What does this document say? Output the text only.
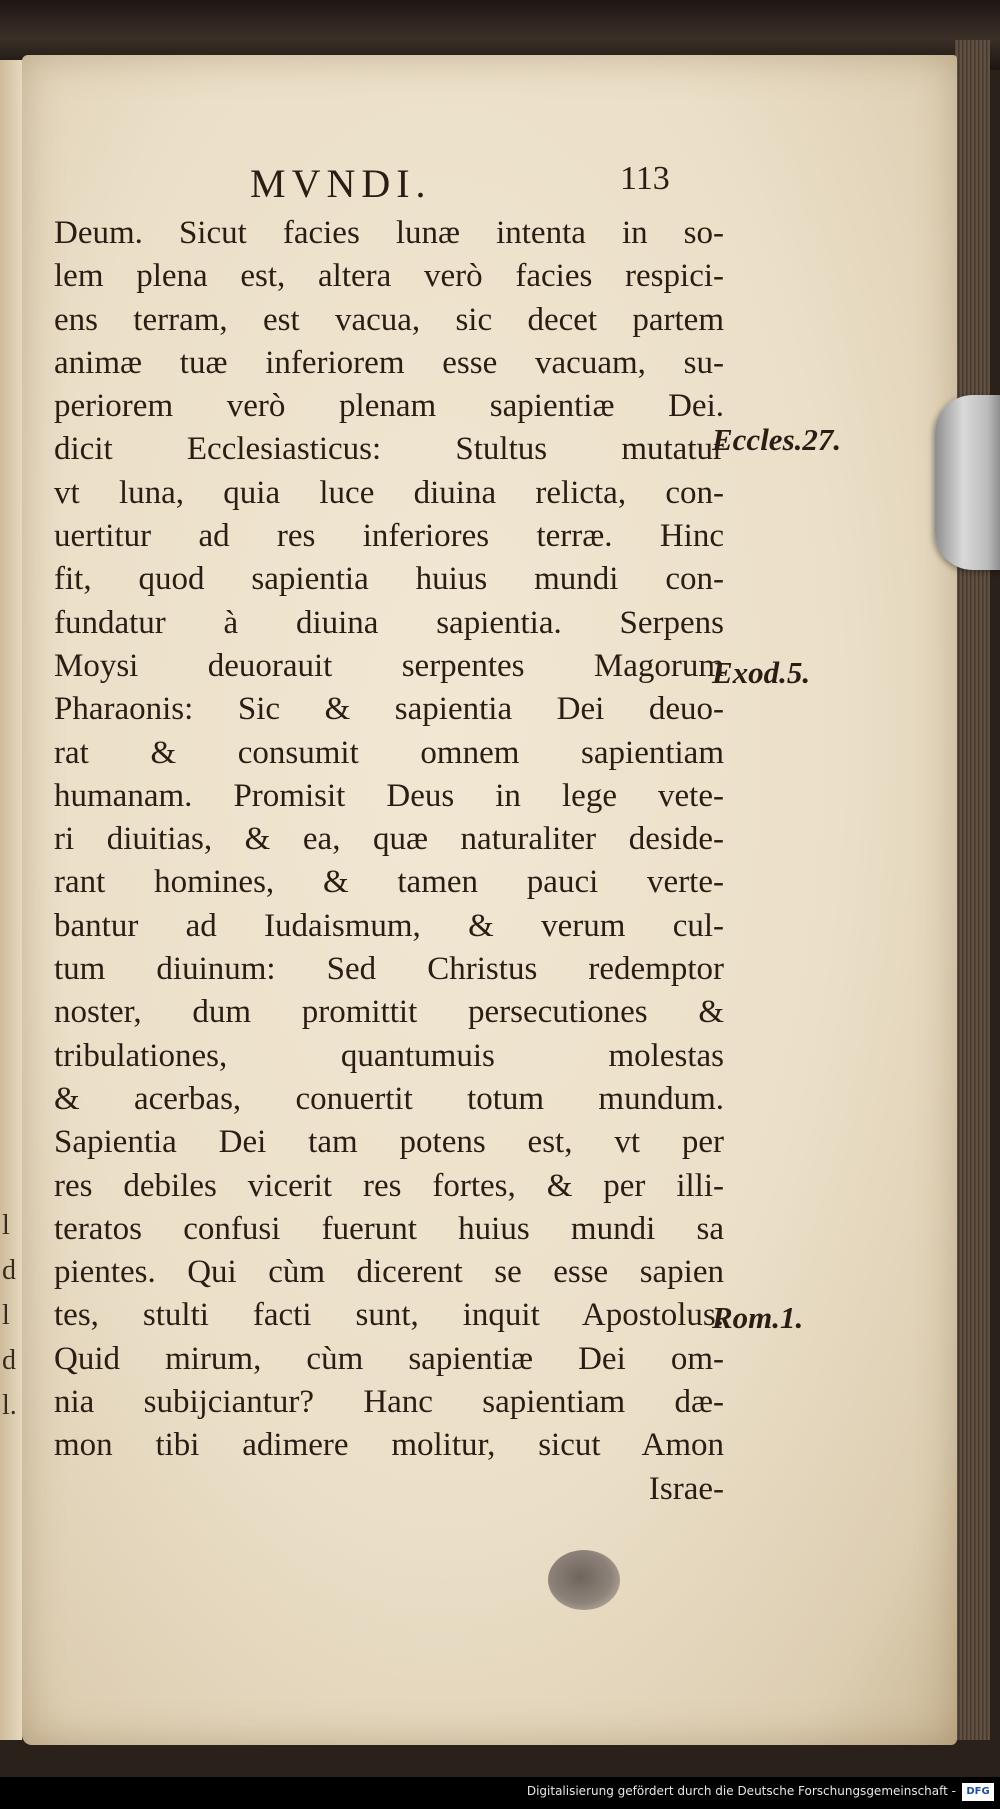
l
d
l
d
l.
MVNDI.	113
Deum. Sicut facies lunæ intenta in so-
lem plena est, altera verò facies respici-
ens terram, est vacua, sic decet partem
animæ tuæ inferiorem esse vacuam, su-
periorem verò plenam sapientiæ Dei.
dicit Ecclesiasticus: Stultus mutatur
vt luna, quia luce diuina relicta, con-
uertitur ad res inferiores terræ. Hinc
fit, quod sapientia huius mundi con-
fundatur à diuina sapientia. Serpens
Moysi deuorauit serpentes Magorum
Pharaonis: Sic & sapientia Dei deuo-
rat & consumit omnem sapientiam
humanam. Promisit Deus in lege vete-
ri diuitias, & ea, quæ naturaliter deside-
rant homines, & tamen pauci verte-
bantur ad Iudaismum, & verum cul-
tum diuinum: Sed Christus redemptor
noster, dum promittit persecutiones &
tribulationes, quantumuis molestas
& acerbas, conuertit totum mundum.
Sapientia Dei tam potens est, vt per
res debiles vicerit res fortes, & per illi-
teratos confusi fuerunt huius mundi sa
pientes. Qui cùm dicerent se esse sapien
tes, stulti facti sunt, inquit Apostolus.
Quid mirum, cùm sapientiæ Dei om-
nia subijciantur? Hanc sapientiam dæ-
mon tibi adimere molitur, sicut Amon
Israe-
Eccles.27.
Exod.5.
Rom.1.
Digitalisierung gefördert durch die Deutsche Forschungsgemeinschaft -	DFG
